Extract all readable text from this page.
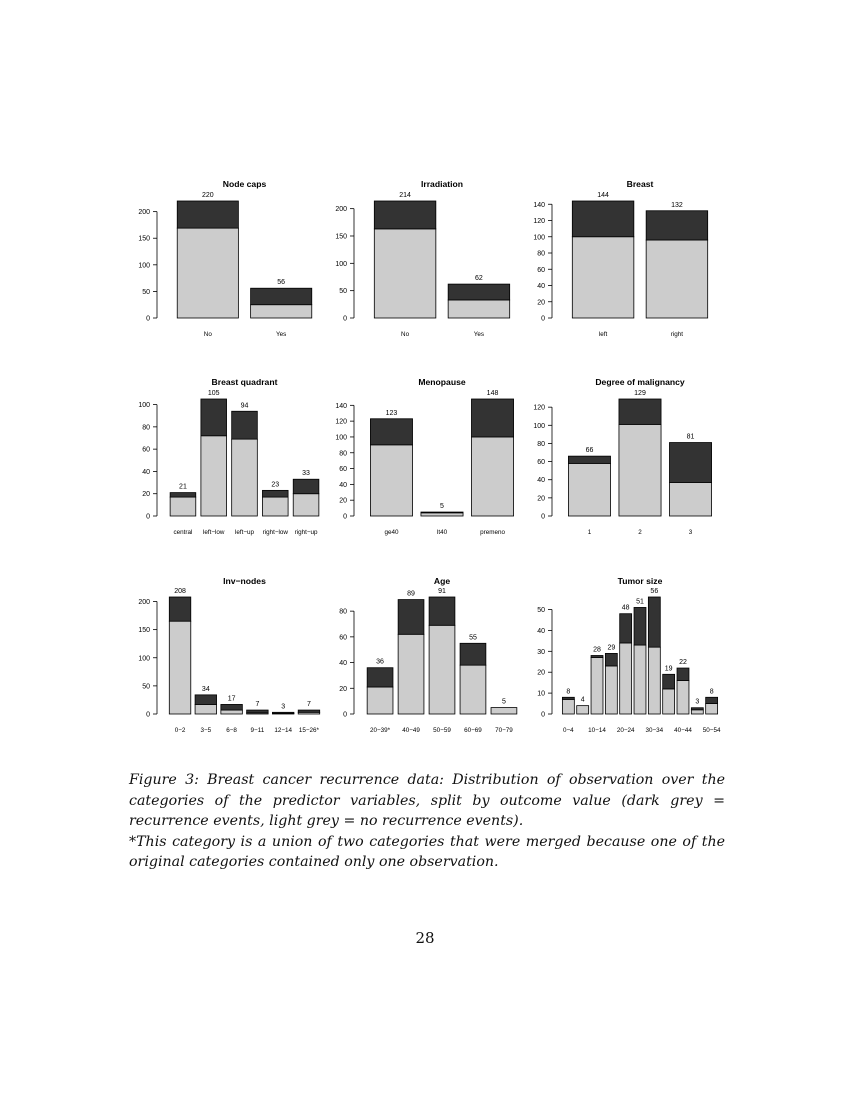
Node caps
0
50
100
150
200
220
No
56
Yes
Irradiation
0
50
100
150
200
214
No
62
Yes
Breast
0
20
40
60
80
100
120
140
144
left
132
right
Breast quadrant
0
20
40
60
80
100
21
central
105
left−low
94
left−up
23
right−low
33
right−up
Menopause
0
20
40
60
80
100
120
140
123
ge40
5
lt40
148
premeno
Degree of malignancy
0
20
40
60
80
100
120
66
1
129
2
81
3
Inv−nodes
0
50
100
150
200
208
0−2
34
3−5
17
6−8
7
9−11
3
12−14
7
15−26*
Age
0
20
40
60
80
36
20−39*
89
40−49
91
50−59
55
60−69
5
70−79
Tumor size
0
10
20
30
40
50
8
0−4
4
28
10−14
29
48
20−24
51
56
30−34
19
22
40−44
3
8
50−54

Figure 3: Breast cancer recurrence data: Distribution of observation over the categories of the predictor variables, split by outcome value (dark grey = recurrence events, light grey = no recurrence events).

*This category is a union of two categories that were merged because one of the original categories contained only one observation.

28
